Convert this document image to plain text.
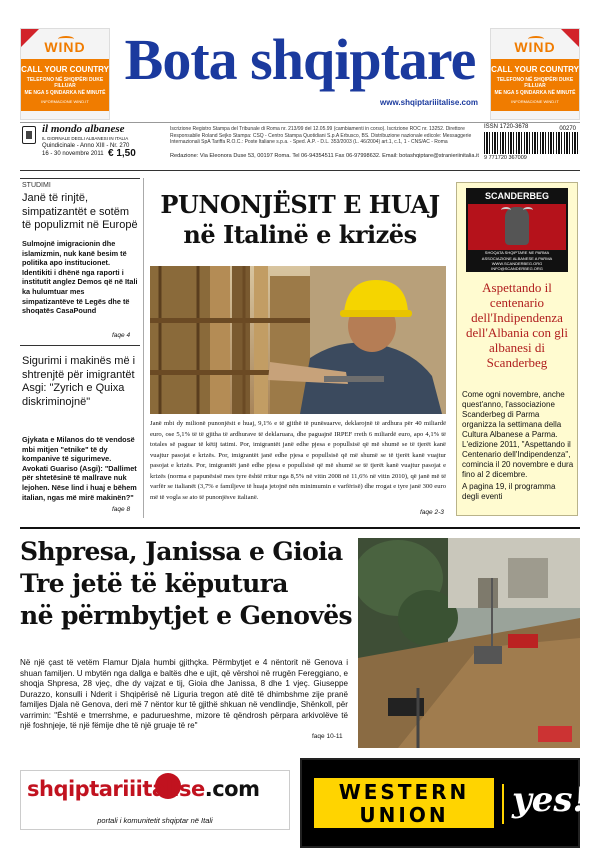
WIND
CALL YOUR COUNTRY
TELEFONO NË SHQIPËRI DUKE FILLUAR
ME NGA 5 QINDARKA NË MINUTË
INFORMACIONE WIND.IT
WIND
CALL YOUR COUNTRY
TELEFONO NË SHQIPËRI DUKE FILLUAR
ME NGA 5 QINDARKA NË MINUTË
INFORMACIONE WIND.IT
Bota shqiptare
www.shqiptariiitalise.com
il mondo albanese
IL GIORNALE DEGLI ALBANESI IN ITALIA
Quindicinale - Anno XIII - Nr. 270
16 - 30 novembre 2011 € 1,50
Iscrizione Registro Stampa del Tribunale di Roma nr. 213/99 del 12.05.99 (cambiamenti in corso). Iscrizione ROC nr. 13252. Direttore Responsabile Roland Sejko Stampa: CSQ - Centro Stampa Quotidiani S.p.A Erbusco, BS. Distribuzione nazionale edicole: Messaggerie Internazionali SpA Tariffa R.O.C.: Poste Italiane s.p.a. - Sped. A.P. - D.L. 353/2003 (L. 46/2004) art.1, c.1, 1 - CNS/AC - Roma
Redazione: Via Eleonora Duse 53, 00197 Roma. Tel 06-94354511 Fax 06-97998632. Email: botashqiptare@stranieriinitalia.it
ISSN 1720-3678
9 771720 367009
00270
STUDIMI
Janë të rinjtë, simpatizantët e sotëm të populizmit në Europë
Sulmojnë imigracionin dhe islamizmin, nuk kanë besim të politika apo institucionet. Identikiti i dhënë nga raporti i institutit anglez Demos që në Itali ka hulumtuar mes simpatizantëve të Legës dhe të shoqatës CasaPound
faqe 4
Sigurimi i makinës më i shtrenjtë për imigrantët Asgi: "Zyrich e Quixa diskriminojnë"
Gjykata e Milanos do të vendosë mbi mitjen "etnike" të dy kompanive të sigurimeve. Avokati Guariso (Asgi): "Dallimet për shtetësinë të mallrave nuk lejohen. Nëse lind i huaj e bëhem italian, ngas më mirë makinën?"
faqe 8
PUNONJËSIT E HUAJ
në Italinë e krizës
Janë mbi dy milionë punonjësit e huaj, 9,1% e të gjithë të punësuarve, deklarojnë të ardhura për 40 miliardë euro, ose 5,1% të të gjitha të ardhurave të deklaruara, dhe paguajnë IRPEF rreth 6 miliardë euro, apo 4,1% të totales së paguar të këtij tatimi. Por, imigrantët janë edhe pjesa e popullsisë që më shumë se të tjerët kanë vuajtur pasojat e krizës. Por, imigrantët janë edhe pjesa e popullsisë që më shumë se të tjerët kanë vuajtur pasojat e krizës. Por, imigrantët janë edhe pjesa e popullsisë që më shumë se të tjerët kanë vuajtur pasojat e krizës (norma e papunësisë mes tyre është rritur nga 8,5% në vitin 2008 në 11,6% në vitin 2010), që janë më të varfër se italianët (3,7% e familjeve të huaja jetojnë nën minimumin e varfërisë) dhe rrogat e tyre janë 300 euro më të vogla se ato të punonjësve italianë.
faqe 2-3
SCANDERBEG
SHOQATA SHQIPTARE NE PARMA
ASSOCIAZIONE ALBANESE A PARMA
WWW.SCANDERBEG.ORG
INFO@SCANDERBEG.ORG
Aspettando il centenario dell'Indipendenza dell'Albania con gli albanesi di Scanderbeg
Come ogni novembre, anche quest'anno, l'associazione Scanderbeg di Parma organizza la settimana della Cultura Albanese a Parma. L'edizione 2011, "Aspettando il Centenario dell'Indipendenza", comincia il 20 novembre e dura fino al 2 dicembre.
A pagina 19, il programma degli eventi
Shpresa, Janissa e Gioia
Tre jetë të këputura
në përmbytjet e Genovës
Në një çast të vetëm Flamur Djala humbi gjithçka. Përmbytjet e 4 nëntorit në Genova i shuan familjen. U mbytën nga dallga e baltës dhe e ujit, që vërshoi në rrugën Fereggiano, e shoqja Shpresa, 28 vjeç, dhe dy vajzat e tij, Gioia dhe Janissa, 8 dhe 1 vjeç. Giuseppe Durazzo, konsulli i Nderit i Shqipërisë në Liguria tregon atë ditë të dhimbshme zije pranë familjes Djala në Genova, deri më 7 nëntor kur të gjithë shkuan në vendlindje, Shënkoll, për varrimin: "Është e tmerrshme, e padurueshme, mizore të qëndrosh përpara arkivolëve të një foshnjeje, të një fëmije dhe të një gruaje të re"
faqe 10-11
shqiptariiitalise.com
portali i komunitetit shqiptar në Itali
WESTERN
UNION	yes!
